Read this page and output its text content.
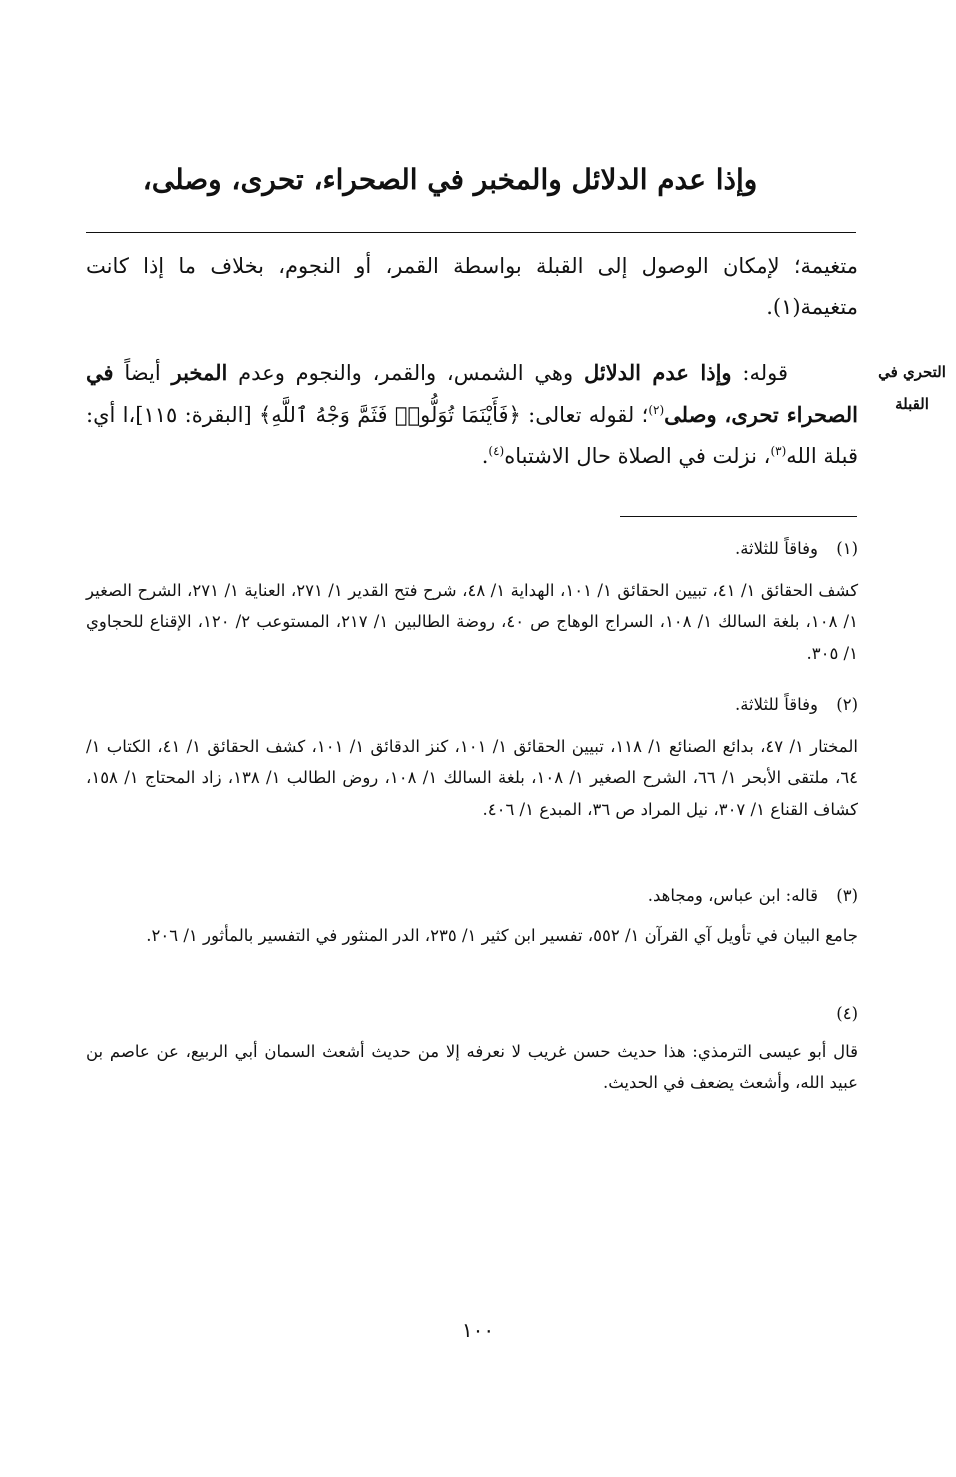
وإذا عدم الدلائل والمخبر في الصحراء، تحرى، وصلى،
متغيمة؛ لإمكان الوصول إلى القبلة بواسطة القمر، أو النجوم، بخلاف ما إذا كانت متغيمة(١).
التحري في القبلة
قوله: وإذا عدم الدلائل وهي الشمس، والقمر، والنجوم وعدم المخبر أيضاً في الصحراء تحرى، وصلى$^{(٢)}$؛ لقوله تعالى: ﴿فَأَيْنَمَا تُوَلُّوا۟ فَثَمَّ وَجْهُ ٱللَّهِ﴾ [البقرة: ١١٥]،ا أي: قبلة الله$^{(٣)}$، نزلت في الصلاة حال الاشتباه$^{(٤)}$.
(١)وفاقاً للثلاثة.
كشف الحقائق ١/ ٤١، تبيين الحقائق ١/ ١٠١، الهداية ١/ ٤٨، شرح فتح القدير ١/ ٢٧١، العناية ١/ ٢٧١، الشرح الصغير ١/ ١٠٨، بلغة السالك ١/ ١٠٨، السراج الوهاج ص ٤٠، روضة الطالبين ١/ ٢١٧، المستوعب ٢/ ١٢٠، الإقناع للحجاوي ١/ ٣٠٥.
(٢)وفاقاً للثلاثة.
المختار ١/ ٤٧، بدائع الصنائع ١/ ١١٨، تبيين الحقائق ١/ ١٠١، كنز الدقائق ١/ ١٠١، كشف الحقائق ١/ ٤١، الكتاب ١/ ٦٤، ملتقى الأبحر ١/ ٦٦، الشرح الصغير ١/ ١٠٨، بلغة السالك ١/ ١٠٨، روض الطالب ١/ ١٣٨، زاد المحتاج ١/ ١٥٨، كشاف القناع ١/ ٣٠٧، نيل المراد ص ٣٦، المبدع ١/ ٤٠٦.
(٣)قاله: ابن عباس، ومجاهد.
جامع البيان في تأويل آي القرآن ١/ ٥٥٢، تفسير ابن كثير ١/ ٢٣٥، الدر المنثور في التفسير بالمأثور ١/ ٢٠٦.
(٤)
قال أبو عيسى الترمذي: هذا حديث حسن غريب لا نعرفه إلا من حديث أشعث السمان أبي الربيع، عن عاصم بن عبيد الله، وأشعث يضعف في الحديث.
١٠٠
